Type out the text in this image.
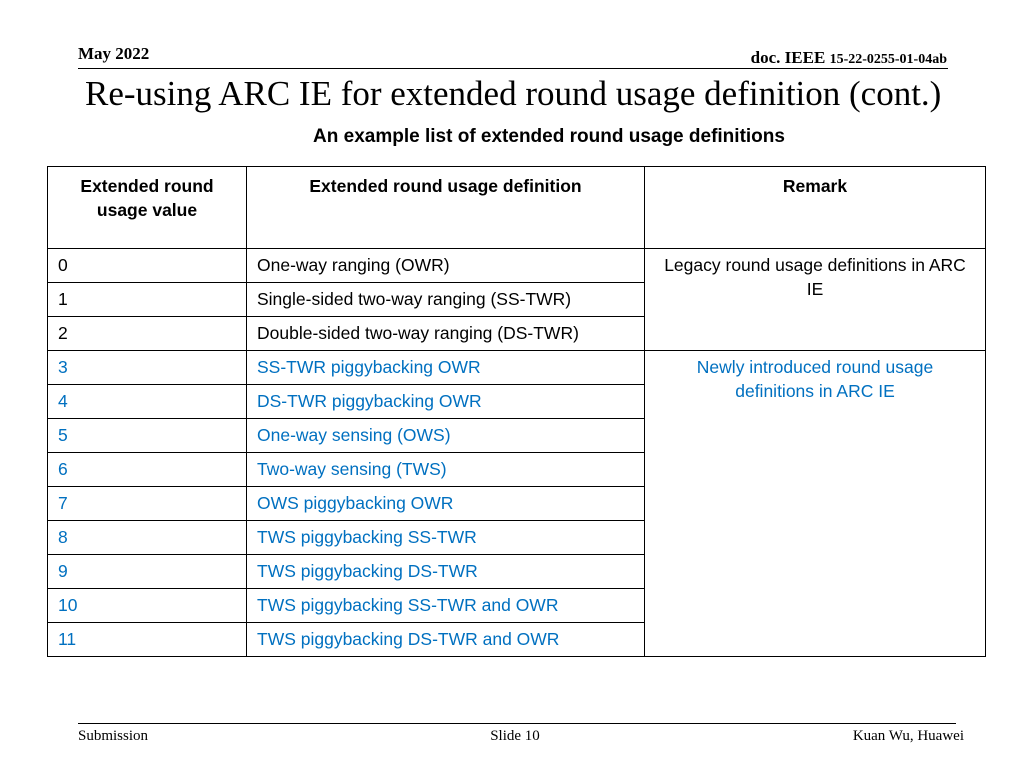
May 2022	doc. IEEE 15-22-0255-01-04ab
Re-using ARC IE for extended round usage definition (cont.)
An example list of extended round usage definitions
Extended round usage value	Extended round usage definition	Remark
0	One-way ranging (OWR)	Legacy round usage definitions in ARC IE
1	Single-sided two-way ranging (SS-TWR)	
2	Double-sided two-way ranging (DS-TWR)	
3	SS-TWR piggybacking OWR	Newly introduced round usage definitions in ARC IE
4	DS-TWR piggybacking OWR	
5	One-way sensing (OWS)	
6	Two-way sensing (TWS)	
7	OWS piggybacking OWR	
8	TWS piggybacking SS-TWR	
9	TWS piggybacking DS-TWR	
10	TWS piggybacking SS-TWR and OWR	
11	TWS piggybacking DS-TWR and OWR	
Submission	Slide 10	Kuan Wu, Huawei
